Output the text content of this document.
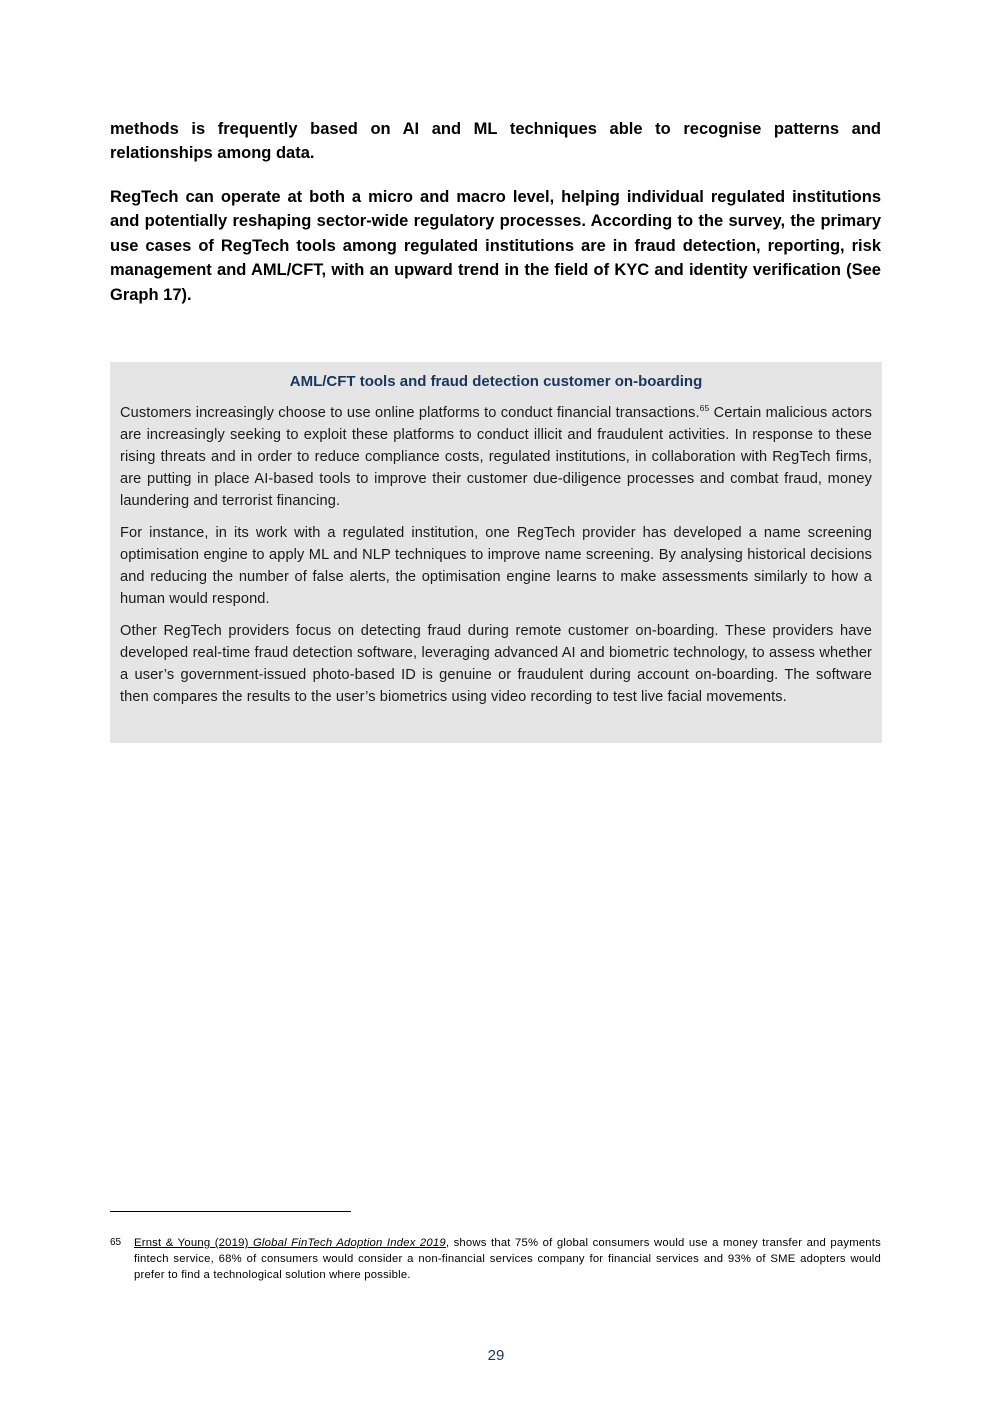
methods is frequently based on AI and ML techniques able to recognise patterns and relationships among data.

RegTech can operate at both a micro and macro level, helping individual regulated institutions and potentially reshaping sector-wide regulatory processes. According to the survey, the primary use cases of RegTech tools among regulated institutions are in fraud detection, reporting, risk management and AML/CFT, with an upward trend in the field of KYC and identity verification (See Graph 17).

AML/CFT tools and fraud detection customer on-boarding

Customers increasingly choose to use online platforms to conduct financial transactions.$^{65}$ Certain malicious actors are increasingly seeking to exploit these platforms to conduct illicit and fraudulent activities. In response to these rising threats and in order to reduce compliance costs, regulated institutions, in collaboration with RegTech firms, are putting in place AI-based tools to improve their customer due-diligence processes and combat fraud, money laundering and terrorist financing.

For instance, in its work with a regulated institution, one RegTech provider has developed a name screening optimisation engine to apply ML and NLP techniques to improve name screening. By analysing historical decisions and reducing the number of false alerts, the optimisation engine learns to make assessments similarly to how a human would respond.

Other RegTech providers focus on detecting fraud during remote customer on-boarding. These providers have developed real-time fraud detection software, leveraging advanced AI and biometric technology, to assess whether a user’s government-issued photo-based ID is genuine or fraudulent during account on-boarding. The software then compares the results to the user’s biometrics using video recording to test live facial movements.

65 Ernst & Young (2019) Global FinTech Adoption Index 2019, shows that 75% of global consumers would use a money transfer and payments fintech service, 68% of consumers would consider a non-financial services company for financial services and 93% of SME adopters would prefer to find a technological solution where possible.
29
